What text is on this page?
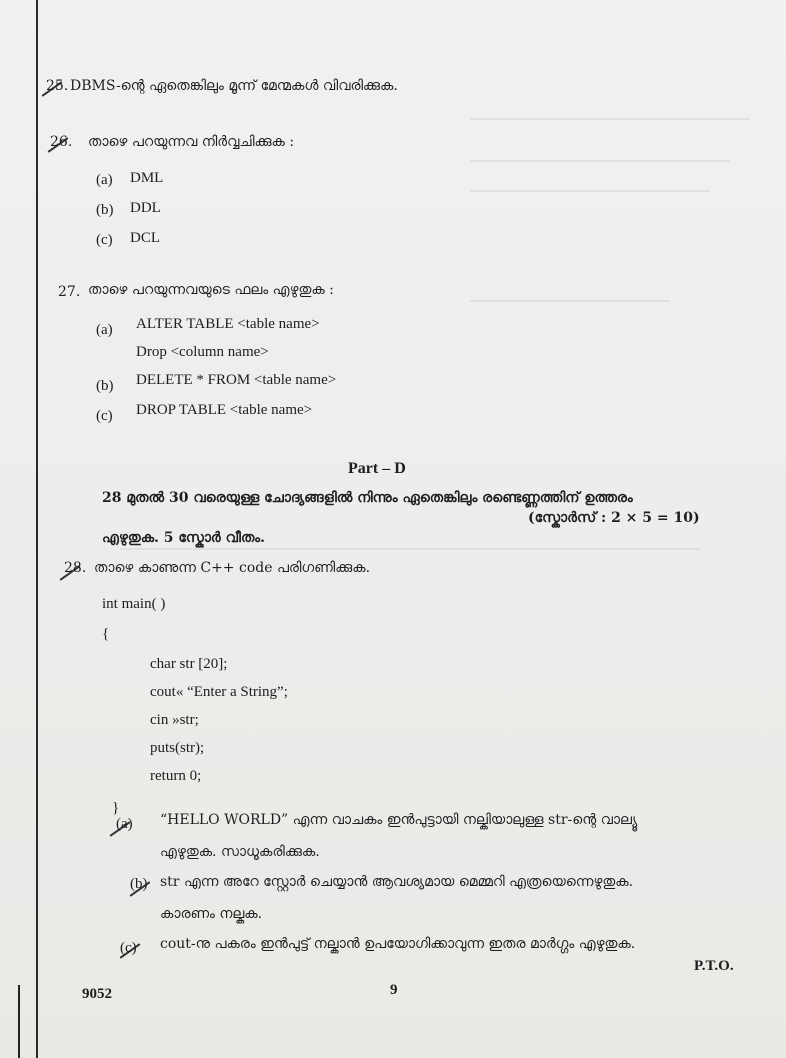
25. DBMS-ന്റെ ഏതെങ്കിലും മൂന്ന് മേന്മകൾ വിവരിക്കുക.
26. താഴെ പറയുന്നവ നിർവ്വചിക്കുക :
(a) DML
(b) DDL
(c) DCL
27. താഴെ പറയുന്നവയുടെ ഫലം എഴുതുക :
(a) ALTER TABLE <table name>
Drop <column name>
(b) DELETE * FROM <table name>
(c) DROP TABLE <table name>
Part – D
28 മുതൽ 30 വരെയുള്ള ചോദ്യങ്ങളിൽ നിന്നും ഏതെങ്കിലും രണ്ടെണ്ണത്തിന് ഉത്തരം
എഴുതുക. 5 സ്കോർ വീതം.
(സ്കോർസ് : 2 × 5 = 10)
28. താഴെ കാണുന്ന C++ code പരിഗണിക്കുക.
int main( )
{
char str [20];
cout« “Enter a String”;
cin »str;
puts(str);
return 0;
}
(a) “HELLO WORLD” എന്ന വാചകം ഇൻപുട്ടായി നല്കിയാലുള്ള str-ന്റെ വാല്യൂ
എഴുതുക. സാധൂകരിക്കുക.
(b) str എന്ന അറേ സ്റ്റോർ ചെയ്യാൻ ആവശ്യമായ മെമ്മറി എത്രയെന്നെഴുതുക.
കാരണം നല്കുക.
(c) cout-നു പകരം ഇൻപുട്ട് നല്കാൻ ഉപയോഗിക്കാവുന്ന ഇതര മാർഗ്ഗം എഴുതുക.
P.T.O.
9052	9
